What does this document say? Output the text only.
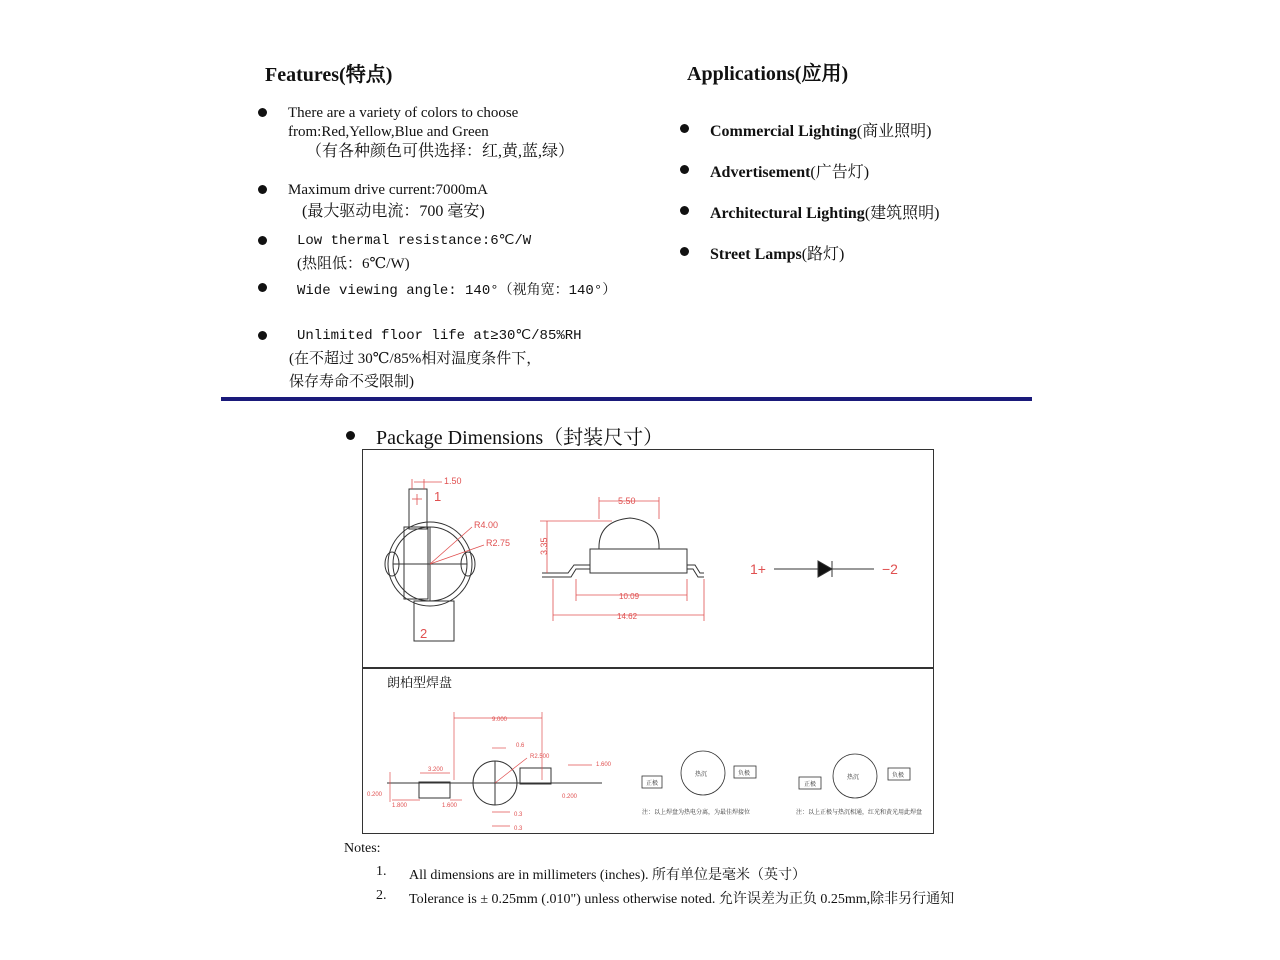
Features(特点)
There are a variety of colors to choose
from:Red,Yellow,Blue and Green
（有各种颜色可供选择：红,黄,蓝,绿）
Maximum drive current:7000mA
(最大驱动电流：700 毫安)
Low thermal resistance:6℃/W
(热阻低：6℃/W)
Wide viewing angle: 140°（视角宽：140°）
Unlimited floor life at≥30℃/85%RH
(在不超过 30℃/85%相对温度条件下，
保存寿命不受限制)
Applications(应用)
Commercial Lighting(商业照明)
Advertisement(广告灯)
Architectural Lighting(建筑照明)
Street Lamps(路灯)
Package Dimensions（封装尺寸）
1.50
1
R4.00
R2.75
2
5.50
3.35
10.09
14.62
1+	−2
朗柏型焊盘
9.000
0.6
R2.500
1.600
3.200
0.200
1.800	1.600
0.200
0.3
0.3
正极
热沉	负极
注：以上焊盘为热电分离，为最佳焊接位
正极
热沉	负极
注：以上正极与热沉相通，红光和黄光用此焊盘
Notes:
1. All dimensions are in millimeters (inches). 所有单位是毫米（英寸）
2. Tolerance is ± 0.25mm (.010") unless otherwise noted. 允许误差为正负 0.25mm,除非另行通知
